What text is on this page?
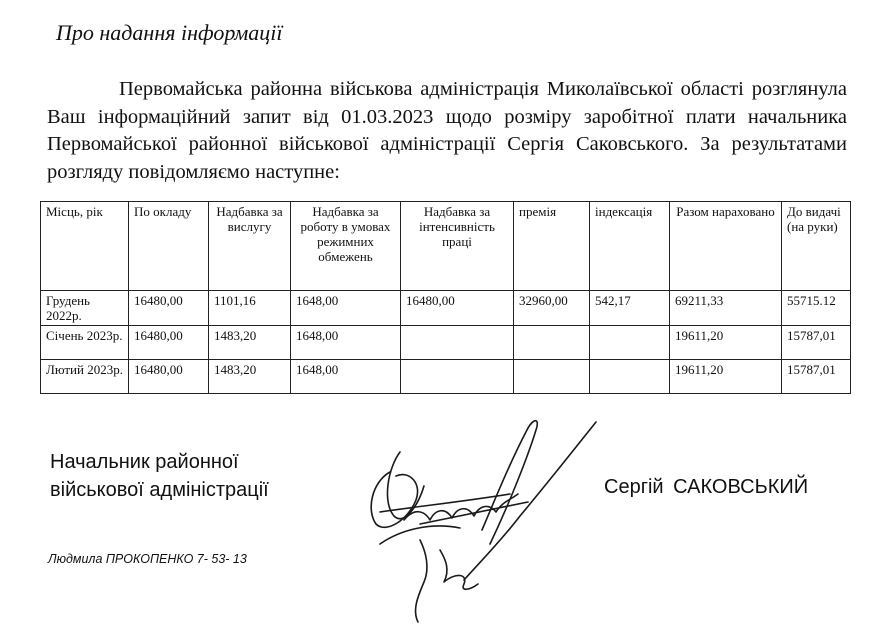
Про надання інформації

Первомайська районна військова адміністрація Миколаївської області розглянула Ваш інформаційний запит від 01.03.2023 щодо розміру заробітної плати начальника Первомайської районної військової адміністрації Сергія Саковського. За результатами розгляду повідомляємо наступне:

Місць, рік	По окладу	Надбавка за вислугу	Надбавка за роботу в умовах режимних обмежень	Надбавка за інтенсивність праці	премія	індексація	Разом нараховано	До видачі (на руки)
Грудень 2022р.	16480,00	1101,16	1648,00	16480,00	32960,00	542,17	69211,33	55715.12
Січень 2023р.	16480,00	1483,20	1648,00				19611,20	15787,01
Лютий 2023р.	16480,00	1483,20	1648,00				19611,20	15787,01
Начальник районної
військової адміністрації	Сергій САКОВСЬКИЙ
Людмила ПРОКОПЕНКО 7- 53- 13
